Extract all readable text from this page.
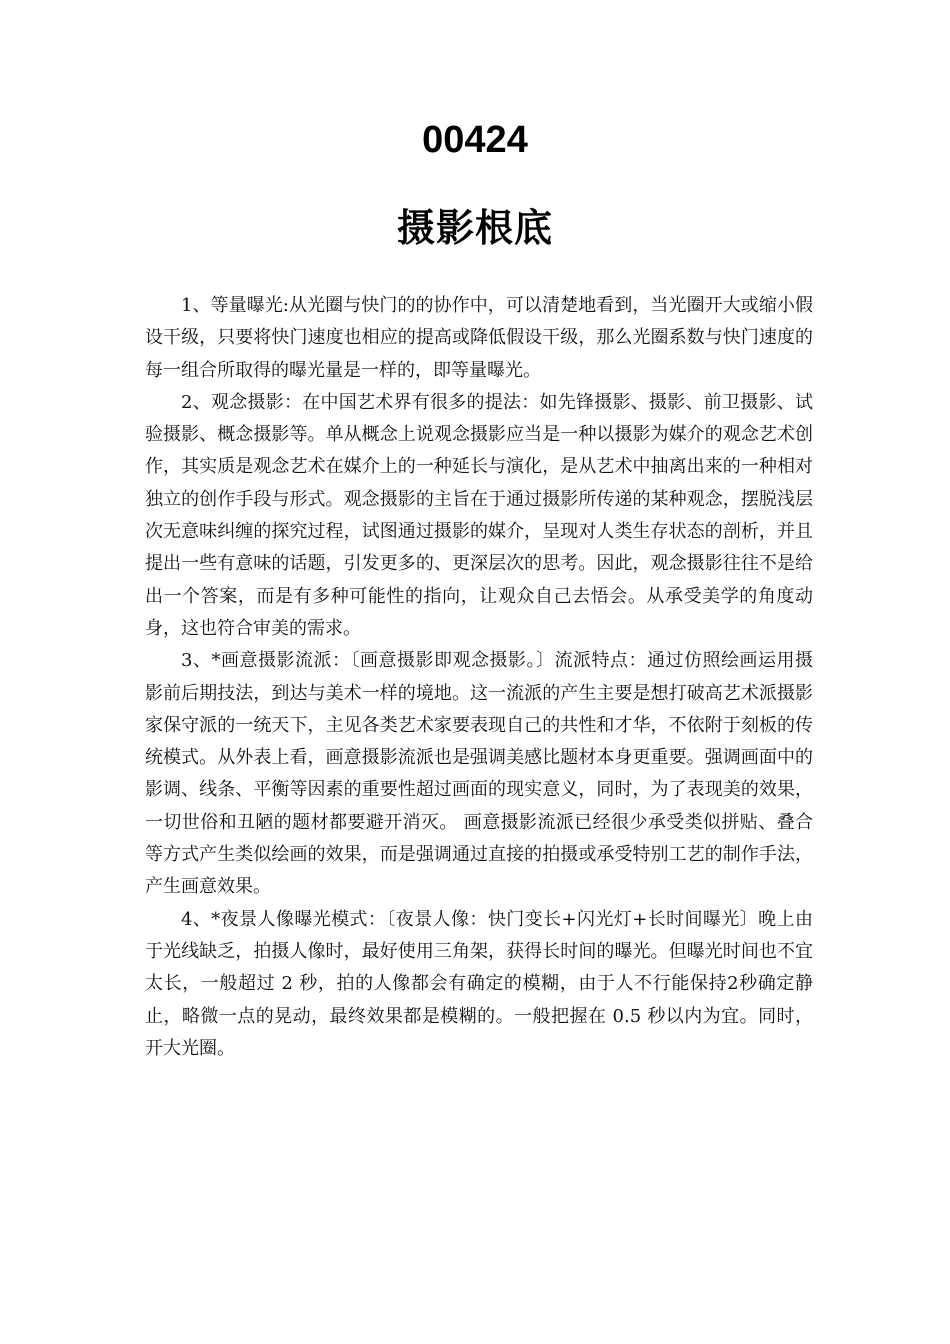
00424
摄影根底

1、等量曝光:从光圈与快门的的协作中，可以清楚地看到，当光圈开大或缩小假设干级，只要将快门速度也相应的提高或降低假设干级，那么光圈系数与快门速度的每一组合所取得的曝光量是一样的，即等量曝光。

2、观念摄影：在中国艺术界有很多的提法：如先锋摄影、摄影、前卫摄影、试验摄影、概念摄影等。单从概念上说观念摄影应当是一种以摄影为媒介的观念艺术创作，其实质是观念艺术在媒介上的一种延长与演化，是从艺术中抽离出来的一种相对独立的创作手段与形式。观念摄影的主旨在于通过摄影所传递的某种观念，摆脱浅层次无意味纠缠的探究过程，试图通过摄影的媒介，呈现对人类生存状态的剖析，并且提出一些有意味的话题，引发更多的、更深层次的思考。因此，观念摄影往往不是给出一个答案，而是有多种可能性的指向，让观众自己去悟会。从承受美学的角度动身，这也符合审美的需求。

3、*画意摄影流派：〔画意摄影即观念摄影。〕流派特点：通过仿照绘画运用摄影前后期技法，到达与美术一样的境地。这一流派的产生主要是想打破高艺术派摄影家保守派的一统天下，主见各类艺术家要表现自己的共性和才华，不依附于刻板的传统模式。从外表上看，画意摄影流派也是强调美感比题材本身更重要。强调画面中的影调、线条、平衡等因素的重要性超过画面的现实意义，同时，为了表现美的效果，一切世俗和丑陋的题材都要避开消灭。 画意摄影流派已经很少承受类似拼贴、叠合等方式产生类似绘画的效果，而是强调通过直接的拍摄或承受特别工艺的制作手法，产生画意效果。

4、*夜景人像曝光模式：〔夜景人像：快门变长+闪光灯+长时间曝光〕晚上由于光线缺乏，拍摄人像时，最好使用三角架，获得长时间的曝光。但曝光时间也不宜太长，一般超过 2 秒，拍的人像都会有确定的模糊，由于人不行能保持2秒确定静止，略微一点的晃动，最终效果都是模糊的。一般把握在 0.5 秒以内为宜。同时，开大光圈。
